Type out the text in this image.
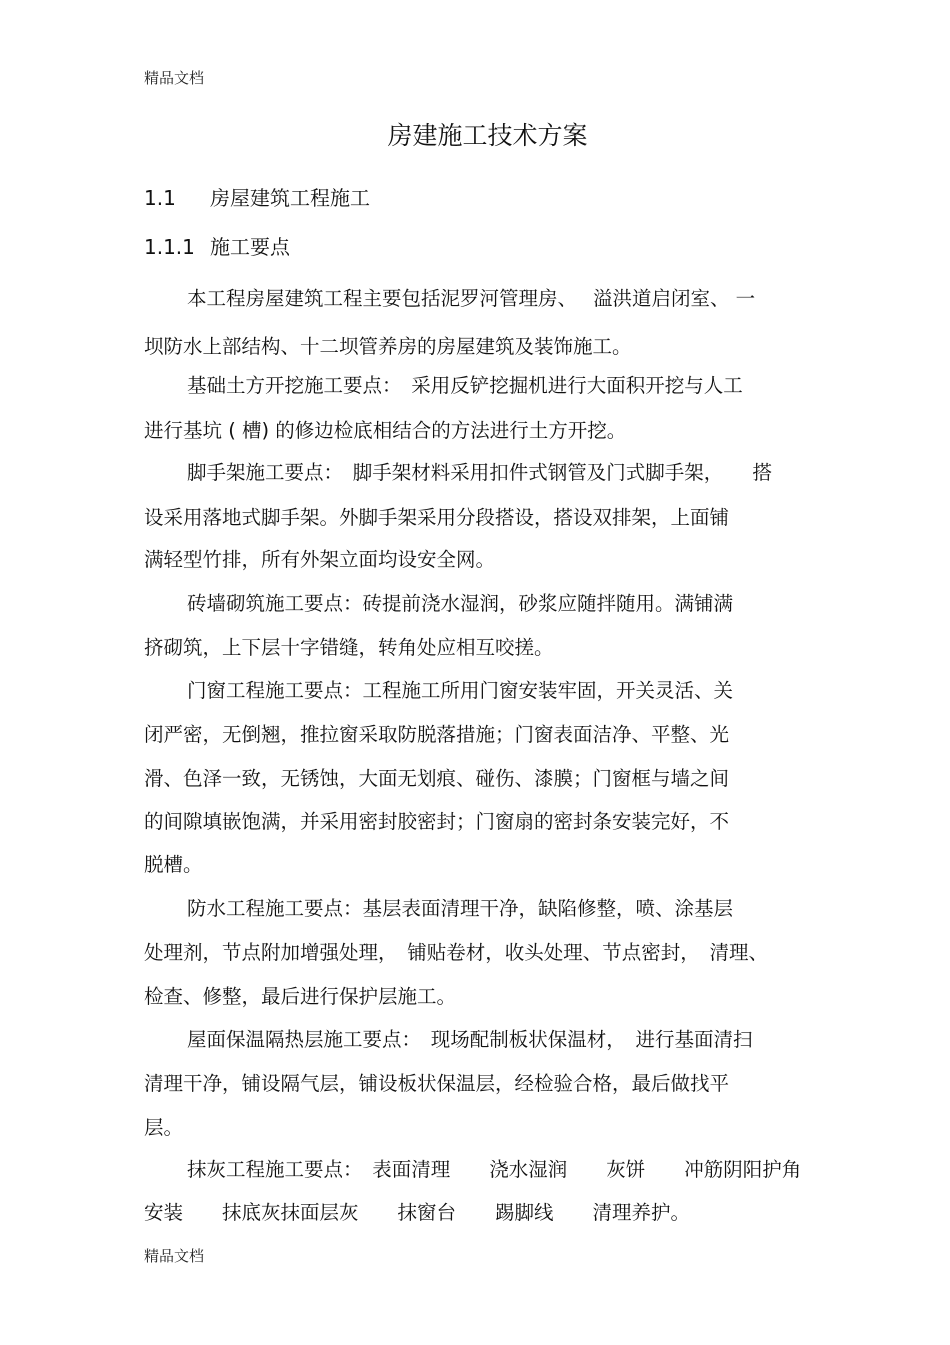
精品文档
房建施工技术方案
1.1 房屋建筑工程施工
1.1.1 施工要点
本工程房屋建筑工程主要包括泥罗河管理房、　 溢洪道启闭室、 一
坝防水上部结构、十二坝管养房的房屋建筑及装饰施工。
基础土方开挖施工要点：　采用反铲挖掘机进行大面积开挖与人工
进行基坑 ( 槽) 的修边检底相结合的方法进行土方开挖。
脚手架施工要点：　脚手架材料采用扣件式钢管及门式脚手架，　　搭
设采用落地式脚手架。外脚手架采用分段搭设，搭设双排架，上面铺
满轻型竹排，所有外架立面均设安全网。
砖墙砌筑施工要点：砖提前浇水湿润，砂浆应随拌随用。满铺满
挤砌筑，上下层十字错缝，转角处应相互咬搓。
门窗工程施工要点：工程施工所用门窗安装牢固，开关灵活、关
闭严密，无倒翘，推拉窗采取防脱落措施；门窗表面洁净、平整、光
滑、色泽一致，无锈蚀，大面无划痕、碰伤、漆膜；门窗框与墙之间
的间隙填嵌饱满，并采用密封胶密封；门窗扇的密封条安装完好，不
脱槽。
防水工程施工要点：基层表面清理干净，缺陷修整，喷、涂基层
处理剂，节点附加增强处理，　铺贴卷材，收头处理、节点密封，　清理、
检查、修整，最后进行保护层施工。
屋面保温隔热层施工要点：　现场配制板状保温材，　进行基面清扫
清理干净，铺设隔气层，铺设板状保温层，经检验合格，最后做找平
层。
抹灰工程施工要点：　表面清理　　浇水湿润　　灰饼　　冲筋阴阳护角
安装　　抹底灰抹面层灰　　抹窗台　　踢脚线　　清理养护。
精品文档
